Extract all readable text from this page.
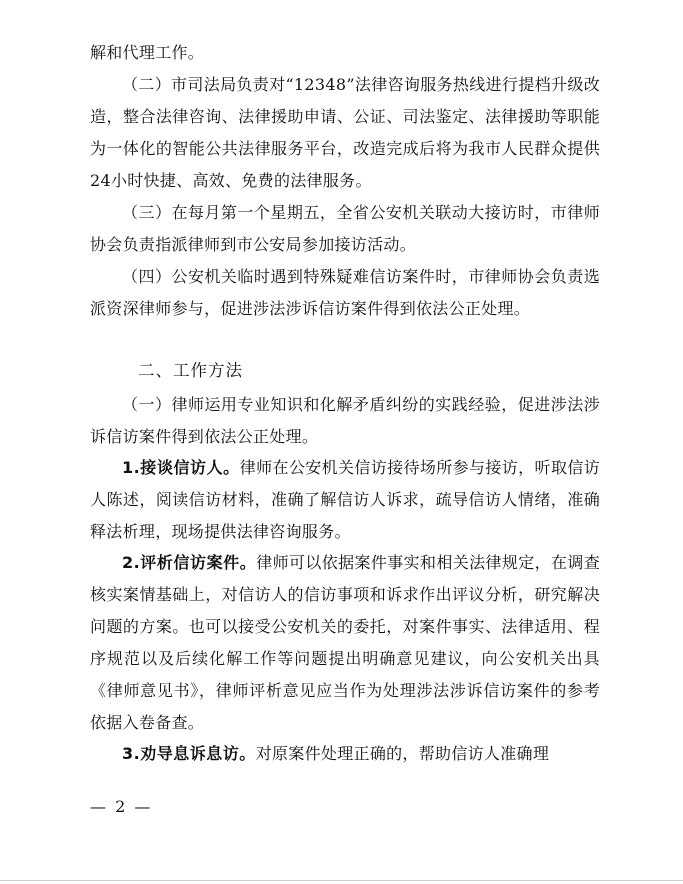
解和代理工作。

（二）市司法局负责对“12348”法律咨询服务热线进行提档升级改造，整合法律咨询、法律援助申请、公证、司法鉴定、法律援助等职能为一体化的智能公共法律服务平台，改造完成后将为我市人民群众提供24小时快捷、高效、免费的法律服务。

（三）在每月第一个星期五，全省公安机关联动大接访时，市律师协会负责指派律师到市公安局参加接访活动。

（四）公安机关临时遇到特殊疑难信访案件时，市律师协会负责选派资深律师参与，促进涉法涉诉信访案件得到依法公正处理。

二、工作方法

（一）律师运用专业知识和化解矛盾纠纷的实践经验，促进涉法涉诉信访案件得到依法公正处理。

1.接谈信访人。律师在公安机关信访接待场所参与接访，听取信访人陈述，阅读信访材料，准确了解信访人诉求，疏导信访人情绪，准确释法析理，现场提供法律咨询服务。

2.评析信访案件。律师可以依据案件事实和相关法律规定，在调查核实案情基础上，对信访人的信访事项和诉求作出评议分析，研究解决问题的方案。也可以接受公安机关的委托，对案件事实、法律适用、程序规范以及后续化解工作等问题提出明确意见建议，向公安机关出具《律师意见书》，律师评析意见应当作为处理涉法涉诉信访案件的参考依据入卷备查。

3.劝导息诉息访。对原案件处理正确的，帮助信访人准确理

— 2 —
